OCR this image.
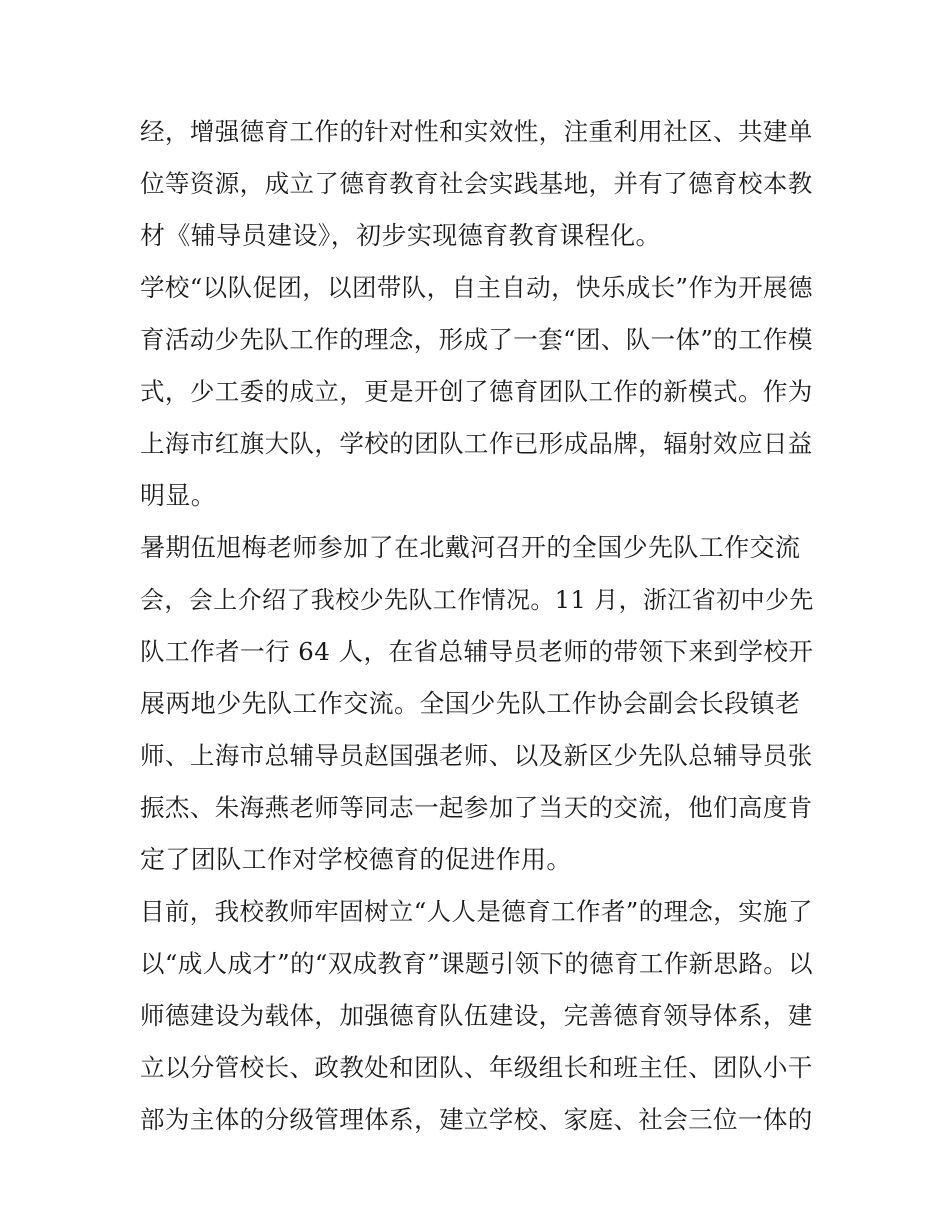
经，增强德育工作的针对性和实效性，注重利用社区、共建单
位等资源，成立了德育教育社会实践基地，并有了德育校本教
材《辅导员建设》，初步实现德育教育课程化。
学校“以队促团，以团带队，自主自动，快乐成长”作为开展德
育活动少先队工作的理念，形成了一套“团、队一体”的工作模
式，少工委的成立，更是开创了德育团队工作的新模式。作为
上海市红旗大队，学校的团队工作已形成品牌，辐射效应日益
明显。
暑期伍旭梅老师参加了在北戴河召开的全国少先队工作交流
会，会上介绍了我校少先队工作情况。11 月，浙江省初中少先
队工作者一行 64 人，在省总辅导员老师的带领下来到学校开
展两地少先队工作交流。全国少先队工作协会副会长段镇老
师、上海市总辅导员赵国强老师、以及新区少先队总辅导员张
振杰、朱海燕老师等同志一起参加了当天的交流，他们高度肯
定了团队工作对学校德育的促进作用。
目前，我校教师牢固树立“人人是德育工作者”的理念，实施了
以“成人成才”的“双成教育”课题引领下的德育工作新思路。以
师德建设为载体，加强德育队伍建设，完善德育领导体系，建
立以分管校长、政教处和团队、年级组长和班主任、团队小干
部为主体的分级管理体系，建立学校、家庭、社会三位一体的
